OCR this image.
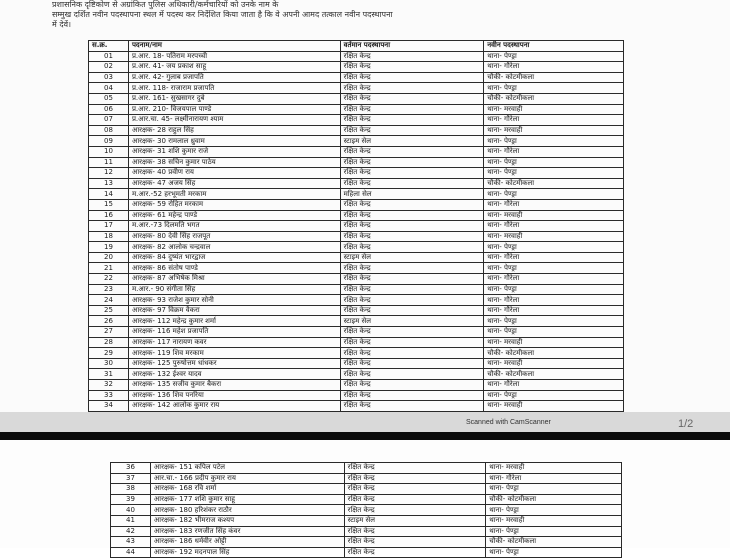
प्रशासनिक दृष्टिकोण से अग्रांकित पुलिस अधिकारी/कर्मचारियों को उनके नाम के
सम्मुख दर्शित नवीन पदस्थापना स्थल में पदस्थ कर निर्देशित किया जाता है कि वे अपनी आमद तत्काल नवीन पदस्थापना
में देवें।
स.क्र.	पदनाम/नाम	वर्तमान पदस्थापना	नवीन पदस्थापना
01	प्र.आर. 18- पतिराम मरपच्ची	रक्षित केन्द्र	थाना- पेण्ड्रा
02	प्र.आर. 41- जय प्रकाश साहू	रक्षित केन्द्र	थाना- गौरेला
03	प्र.आर. 42- गुलाब प्रजापति	रक्षित केन्द्र	चौकी- कोटमीकला
04	प्र.आर. 118- राजाराम प्रजापति	रक्षित केन्द्र	थाना- पेण्ड्रा
05	प्र.आर. 161- सुखसागर दुबे	रक्षित केन्द्र	चौकी- कोटमीकला
06	प्र.आर. 210- विजयपाल पाण्डे	रक्षित केन्द्र	थाना- मरवाही
07	प्र.आर.चा. 45- लक्ष्मीनारायण श्याम	रक्षित केन्द्र	थाना- गौरेला
08	आरक्षक- 28 राहुल सिंह	रक्षित केन्द्र	थाना- मरवाही
09	आरक्षक- 30 रामलाल ध्रुवाम	स्टाइम सेल	थाना- पेण्ड्रा
10	आरक्षक- 31 शशि कुमार राजे	रक्षित केन्द्र	थाना- गौरेला
11	आरक्षक- 38 सचिन कुमार पाठेय	रक्षित केन्द्र	थाना- पेण्ड्रा
12	आरक्षक- 40 प्रवीण राय	रक्षित केन्द्र	थाना- पेण्ड्रा
13	आरक्षक- 47 अजय सिंह	रक्षित केन्द्र	चौकी- कोटमीकला
14	म.आर.-52 हरभूमती मरकाम	महिला सेल	थाना- पेण्ड्रा
15	आरक्षक- 59 रोहित मरकाम	रक्षित केन्द्र	थाना- गौरेला
16	आरक्षक- 61 महेन्द्र पाण्डे	रक्षित केन्द्र	थाना- मरवाही
17	म.आर.-73 दिलमति भगत	रक्षित केन्द्र	थाना- गौरेला
18	आरक्षक- 80 देवी सिंह राजपूत	रक्षित केन्द्र	थाना- मरवाही
19	आरक्षक- 82 आलोक चन्द्रवाल	रक्षित केन्द्र	थाना- पेण्ड्रा
20	आरक्षक- 84 दुष्यंत भारद्वाज	स्टाइम सेल	थाना- गौरेला
21	आरक्षक- 86 संतोष पाण्डे	रक्षित केन्द्र	थाना- पेण्ड्रा
22	आरक्षक- 87 अभिषेक मिश्रा	रक्षित केन्द्र	थाना- गौरेला
23	म.आर.- 90 संगीता सिंह	रक्षित केन्द्र	थाना- पेण्ड्रा
24	आरक्षक- 93 राजेश कुमार सोनी	रक्षित केन्द्र	थाना- गौरेला
25	आरक्षक- 97 विक्रम वैकरा	रक्षित केन्द्र	थाना- गौरेला
26	आरक्षक- 112 महेन्द्र कुमार शर्मा	स्टाइम सेल	थाना- पेण्ड्रा
27	आरक्षक- 116 महेश प्रजापति	रक्षित केन्द्र	थाना- पेण्ड्रा
28	आरक्षक- 117 नारायण कवर	रक्षित केन्द्र	थाना- मरवाही
29	आरक्षक- 119 शिव मरकाम	रक्षित केन्द्र	चौकी- कोटमीकला
30	आरक्षक- 125 पुरुषोत्तम धांधकर	रक्षित केन्द्र	थाना- मरवाही
31	आरक्षक- 132 ईश्वर यादव	रक्षित केन्द्र	चौकी- कोटमीकला
32	आरक्षक- 135 सजीव कुमार बैकरा	रक्षित केन्द्र	थाना- गौरेला
33	आरक्षक- 136 शिव पनरिया	रक्षित केन्द्र	थाना- पेण्ड्रा
34	आरक्षक- 142 आलोक कुमार राय	रक्षित केन्द्र	थाना- मरवाही

Scanned with CamScanner	1/2
36	आरक्षक- 151 कपिल पटेल	रक्षित केन्द्र	थाना- मरवाही
37	आर.चा.- 166 प्रदीप कुमार राय	रक्षित केन्द्र	थाना- गौरेला
38	आरक्षक- 168 रवि शर्मा	रक्षित केन्द्र	थाना- पेण्ड्रा
39	आरक्षक- 177 शशि कुमार साहू	रक्षित केन्द्र	चौकी- कोटमीकला
40	आरक्षक- 180 हरिशंकर राठौर	रक्षित केन्द्र	थाना- पेण्ड्रा
41	आरक्षक- 182 भीमराज कश्यप	स्टाइम सेल	थाना- मरवाही
42	आरक्षक- 183 रणजीत सिंह कंवर	रक्षित केन्द्र	थाना- पेण्ड्रा
43	आरक्षक- 186 धर्मवीर ओट्टी	रक्षित केन्द्र	चौकी- कोटमीकला
44	आरक्षक- 192 मदनपाल सिंह	रक्षित केन्द्र	थाना- पेण्ड्रा
